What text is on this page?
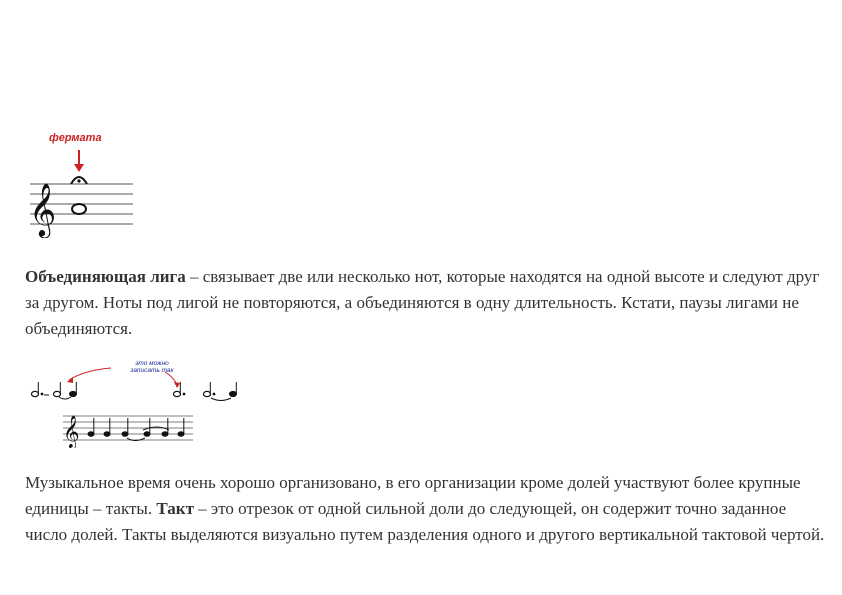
фермата
𝄞

Объединяющая лига – связывает две или несколько нот, которые находятся на одной высоте и следуют друг за другом. Ноты под лигой не повторяются, а объединяются в одну длительность. Кстати, паузы лигами не объединяются.

это можно
записать так
𝄞

Музыкальное время очень хорошо организовано, в его организации кроме долей участвуют более крупные единицы – такты. Такт – это отрезок от одной сильной доли до следующей, он содержит точно заданное число долей. Такты выделяются визуально путем разделения одного и другого вертикальной тактовой чертой.
